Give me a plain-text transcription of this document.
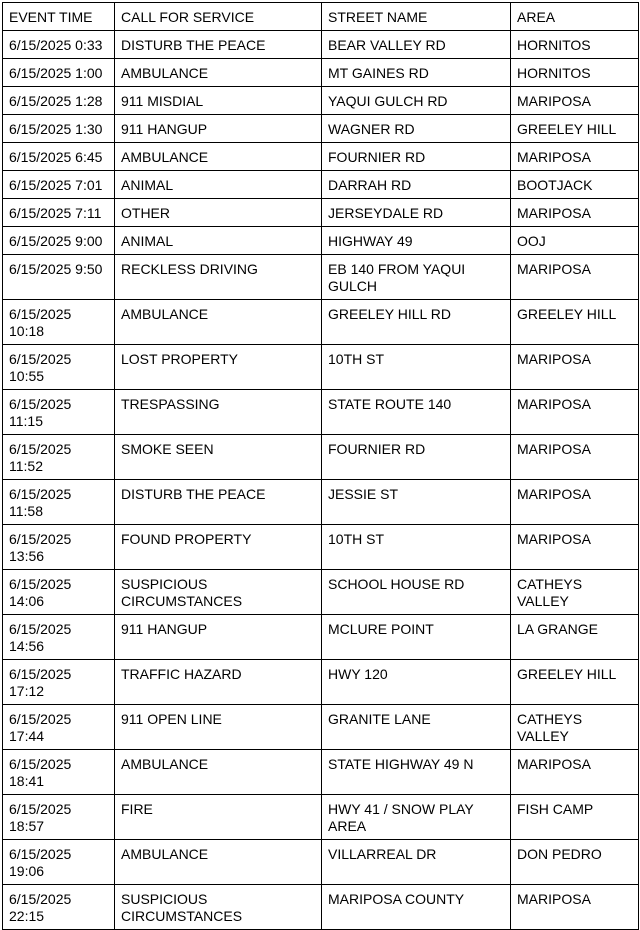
EVENT TIME	CALL FOR SERVICE	STREET NAME	AREA
6/15/2025 0:33	DISTURB THE PEACE	BEAR VALLEY RD	HORNITOS
6/15/2025 1:00	AMBULANCE	MT GAINES RD	HORNITOS
6/15/2025 1:28	911 MISDIAL	YAQUI GULCH RD	MARIPOSA
6/15/2025 1:30	911 HANGUP	WAGNER RD	GREELEY HILL
6/15/2025 6:45	AMBULANCE	FOURNIER RD	MARIPOSA
6/15/2025 7:01	ANIMAL	DARRAH RD	BOOTJACK
6/15/2025 7:11	OTHER	JERSEYDALE RD	MARIPOSA
6/15/2025 9:00	ANIMAL	HIGHWAY 49	OOJ
6/15/2025 9:50	RECKLESS DRIVING	EB 140 FROM YAQUI GULCH	MARIPOSA
6/15/2025 10:18	AMBULANCE	GREELEY HILL RD	GREELEY HILL
6/15/2025 10:55	LOST PROPERTY	10TH ST	MARIPOSA
6/15/2025 11:15	TRESPASSING	STATE ROUTE 140	MARIPOSA
6/15/2025 11:52	SMOKE SEEN	FOURNIER RD	MARIPOSA
6/15/2025 11:58	DISTURB THE PEACE	JESSIE ST	MARIPOSA
6/15/2025 13:56	FOUND PROPERTY	10TH ST	MARIPOSA
6/15/2025 14:06	SUSPICIOUS CIRCUMSTANCES	SCHOOL HOUSE RD	CATHEYS VALLEY
6/15/2025 14:56	911 HANGUP	MCLURE POINT	LA GRANGE
6/15/2025 17:12	TRAFFIC HAZARD	HWY 120	GREELEY HILL
6/15/2025 17:44	911 OPEN LINE	GRANITE LANE	CATHEYS VALLEY
6/15/2025 18:41	AMBULANCE	STATE HIGHWAY 49 N	MARIPOSA
6/15/2025 18:57	FIRE	HWY 41 / SNOW PLAY AREA	FISH CAMP
6/15/2025 19:06	AMBULANCE	VILLARREAL DR	DON PEDRO
6/15/2025 22:15	SUSPICIOUS CIRCUMSTANCES	MARIPOSA COUNTY	MARIPOSA
